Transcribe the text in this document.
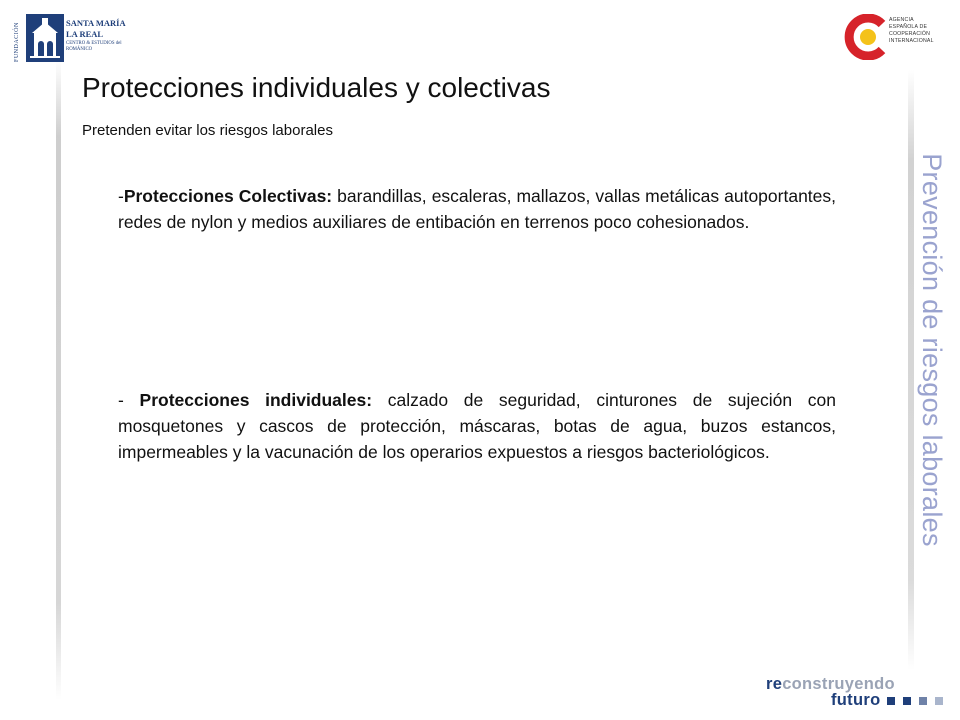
FUNDACIÓN	SANTA MARÍA
LA REAL
CENTRO & ESTUDIOS del ROMÁNICO
AGENCIA
ESPAÑOLA DE
COOPERACIÓN
INTERNACIONAL
Protecciones individuales y colectivas

Pretenden evitar los riesgos laborales

-Protecciones Colectivas: barandillas, escaleras, mallazos, vallas metálicas autoportantes, redes de nylon y medios auxiliares de entibación en terrenos poco cohesionados.

- Protecciones individuales: calzado de seguridad, cinturones de sujeción con mosquetones y cascos de protección, máscaras, botas de agua, buzos estancos, impermeables y la vacunación de los operarios expuestos a riesgos bacteriológicos.	Prevención de riesgos laborales
reconstruyendo
futuro
